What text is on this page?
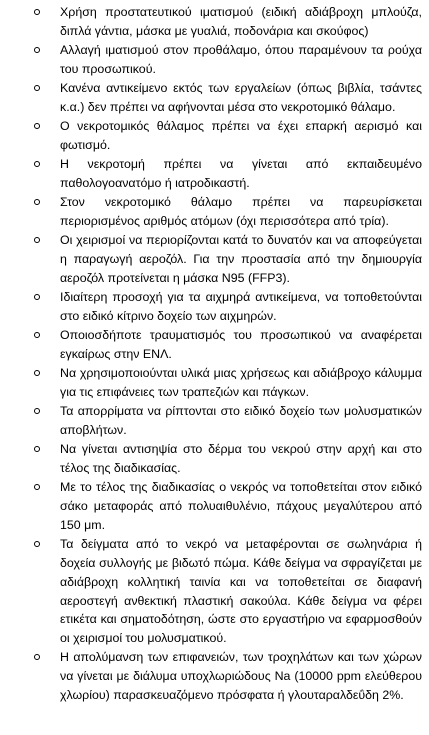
Χρήση προστατευτικού ιματισμού (ειδική αδιάβροχη μπλούζα, διπλά γάντια, μάσκα με γυαλιά, ποδονάρια και σκούφος)
Αλλαγή ιματισμού στον προθάλαμο, όπου παραμένουν τα ρούχα του προσωπικού.
Κανένα αντικείμενο εκτός των εργαλείων (όπως βιβλία, τσάντες κ.α.) δεν πρέπει να αφήνονται μέσα στο νεκροτομικό θάλαμο.
Ο νεκροτομικός θάλαμος πρέπει να έχει επαρκή αερισμό και φωτισμό.
Η νεκροτομή πρέπει να γίνεται από εκπαιδευμένο παθολογοανατόμο ή ιατροδικαστή.
Στον νεκροτομικό θάλαμο πρέπει να παρευρίσκεται περιορισμένος αριθμός ατόμων (όχι περισσότερα από τρία).
Οι χειρισμοί να περιορίζονται κατά το δυνατόν και να αποφεύγεται η παραγωγή αεροζόλ. Για την προστασία από την δημιουργία αεροζόλ προτείνεται η μάσκα N95 (FFP3).
Ιδιαίτερη προσοχή για τα αιχμηρά αντικείμενα, να τοποθετούνται στο ειδικό κίτρινο δοχείο των αιχμηρών.
Οποιοσδήποτε τραυματισμός του προσωπικού να αναφέρεται εγκαίρως στην ΕΝΛ.
Να χρησιμοποιούνται υλικά μιας χρήσεως και αδιάβροχο κάλυμμα για τις επιφάνειες των τραπεζιών και πάγκων.
Τα απορρίματα να ρίπτονται στο ειδικό δοχείο των μολυσματικών αποβλήτων.
Να γίνεται αντισηψία στο δέρμα του νεκρού στην αρχή και στο τέλος της διαδικασίας.
Με το τέλος της διαδικασίας ο νεκρός να τοποθετείται στον ειδικό σάκο μεταφοράς από πολυαιθυλένιο, πάχους μεγαλύτερου από 150 μm.
Τα δείγματα από το νεκρό να μεταφέρονται σε σωληνάρια ή δοχεία συλλογής με βιδωτό πώμα. Κάθε δείγμα να σφραγίζεται με αδιάβροχη κολλητική ταινία και να τοποθετείται σε διαφανή αεροστεγή ανθεκτική πλαστική σακούλα. Κάθε δείγμα να φέρει ετικέτα και σηματοδότηση, ώστε στο εργαστήριο να εφαρμοσθούν οι χειρισμοί του μολυσματικού.
Η απολύμανση των επιφανειών, των τροχηλάτων και των χώρων να γίνεται με διάλυμα υποχλωριώδους Na (10000 ppm ελεύθερου χλωρίου) παρασκευαζόμενο πρόσφατα ή γλουταραλδεΰδη 2%.
